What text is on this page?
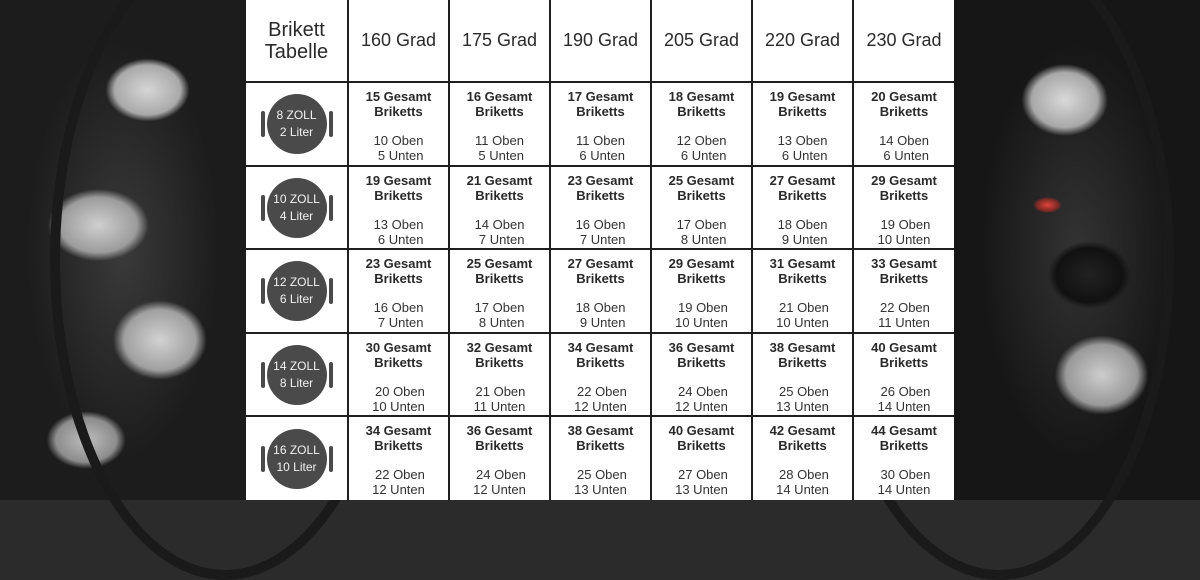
Brikett
Tabelle	160 Grad	175 Grad	190 Grad	205 Grad	220 Grad	230 Grad

8 ZOLL
2 Liter	15 Gesamt
Briketts
10 Oben
5 Unten	16 Gesamt
Briketts
11 Oben
5 Unten	17 Gesamt
Briketts
11 Oben
6 Unten	18 Gesamt
Briketts
12 Oben
6 Unten	19 Gesamt
Briketts
13 Oben
6 Unten	20 Gesamt
Briketts
14 Oben
6 Unten

10 ZOLL
4 Liter	19 Gesamt
Briketts
13 Oben
6 Unten	21 Gesamt
Briketts
14 Oben
7 Unten	23 Gesamt
Briketts
16 Oben
7 Unten	25 Gesamt
Briketts
17 Oben
8 Unten	27 Gesamt
Briketts
18 Oben
9 Unten	29 Gesamt
Briketts
19 Oben
10 Unten

12 ZOLL
6 Liter	23 Gesamt
Briketts
16 Oben
7 Unten	25 Gesamt
Briketts
17 Oben
8 Unten	27 Gesamt
Briketts
18 Oben
9 Unten	29 Gesamt
Briketts
19 Oben
10 Unten	31 Gesamt
Briketts
21 Oben
10 Unten	33 Gesamt
Briketts
22 Oben
11 Unten

14 ZOLL
8 Liter	30 Gesamt
Briketts
20 Oben
10 Unten	32 Gesamt
Briketts
21 Oben
11 Unten	34 Gesamt
Briketts
22 Oben
12 Unten	36 Gesamt
Briketts
24 Oben
12 Unten	38 Gesamt
Briketts
25 Oben
13 Unten	40 Gesamt
Briketts
26 Oben
14 Unten

16 ZOLL
10 Liter	34 Gesamt
Briketts
22 Oben
12 Unten	36 Gesamt
Briketts
24 Oben
12 Unten	38 Gesamt
Briketts
25 Oben
13 Unten	40 Gesamt
Briketts
27 Oben
13 Unten	42 Gesamt
Briketts
28 Oben
14 Unten	44 Gesamt
Briketts
30 Oben
14 Unten
